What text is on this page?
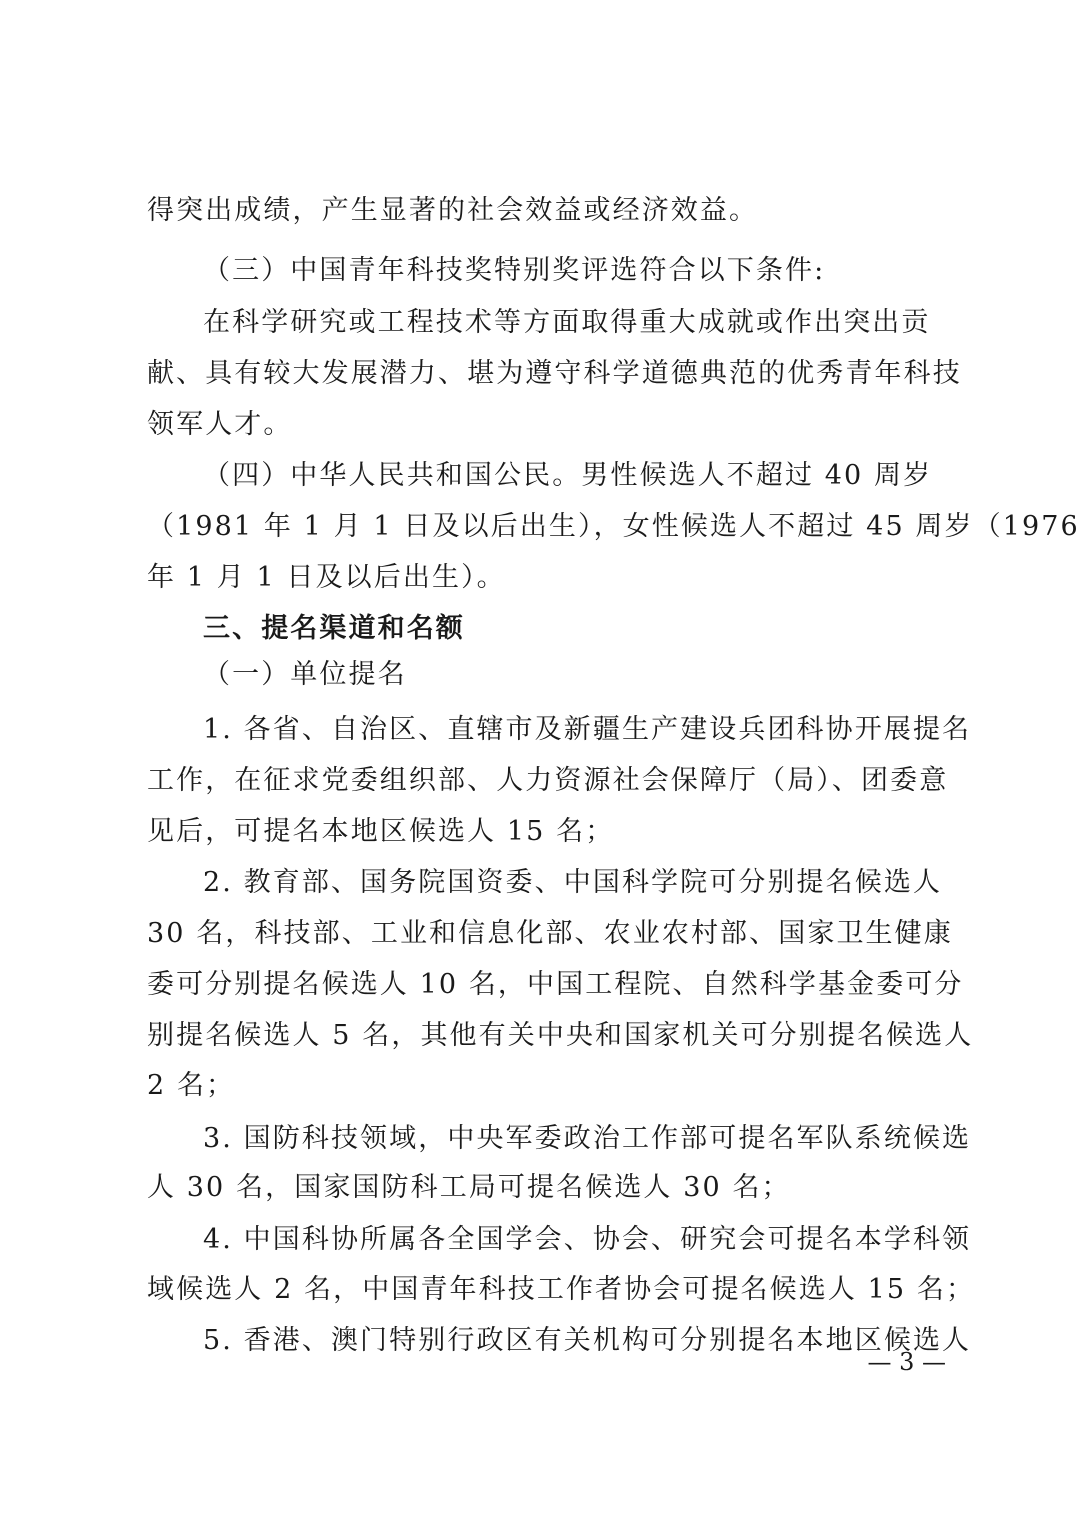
得突出成绩，产生显著的社会效益或经济效益。
（三）中国青年科技奖特别奖评选符合以下条件:
在科学研究或工程技术等方面取得重大成就或作出突出贡
献、具有较大发展潜力、堪为遵守科学道德典范的优秀青年科技
领军人才。
（四）中华人民共和国公民。男性候选人不超过 40 周岁
（1981 年 1 月 1 日及以后出生），女性候选人不超过 45 周岁（1976
年 1 月 1 日及以后出生）。
三、提名渠道和名额
（一）单位提名
1. 各省、自治区、直辖市及新疆生产建设兵团科协开展提名
工作，在征求党委组织部、人力资源社会保障厅（局）、团委意
见后，可提名本地区候选人 15 名；
2. 教育部、国务院国资委、中国科学院可分别提名候选人
30 名，科技部、工业和信息化部、农业农村部、国家卫生健康
委可分别提名候选人 10 名，中国工程院、自然科学基金委可分
别提名候选人 5 名，其他有关中央和国家机关可分别提名候选人
2 名；
3. 国防科技领域，中央军委政治工作部可提名军队系统候选
人 30 名，国家国防科工局可提名候选人 30 名；
4. 中国科协所属各全国学会、协会、研究会可提名本学科领
域候选人 2 名，中国青年科技工作者协会可提名候选人 15 名；
5. 香港、澳门特别行政区有关机构可分别提名本地区候选人
— 3 —
